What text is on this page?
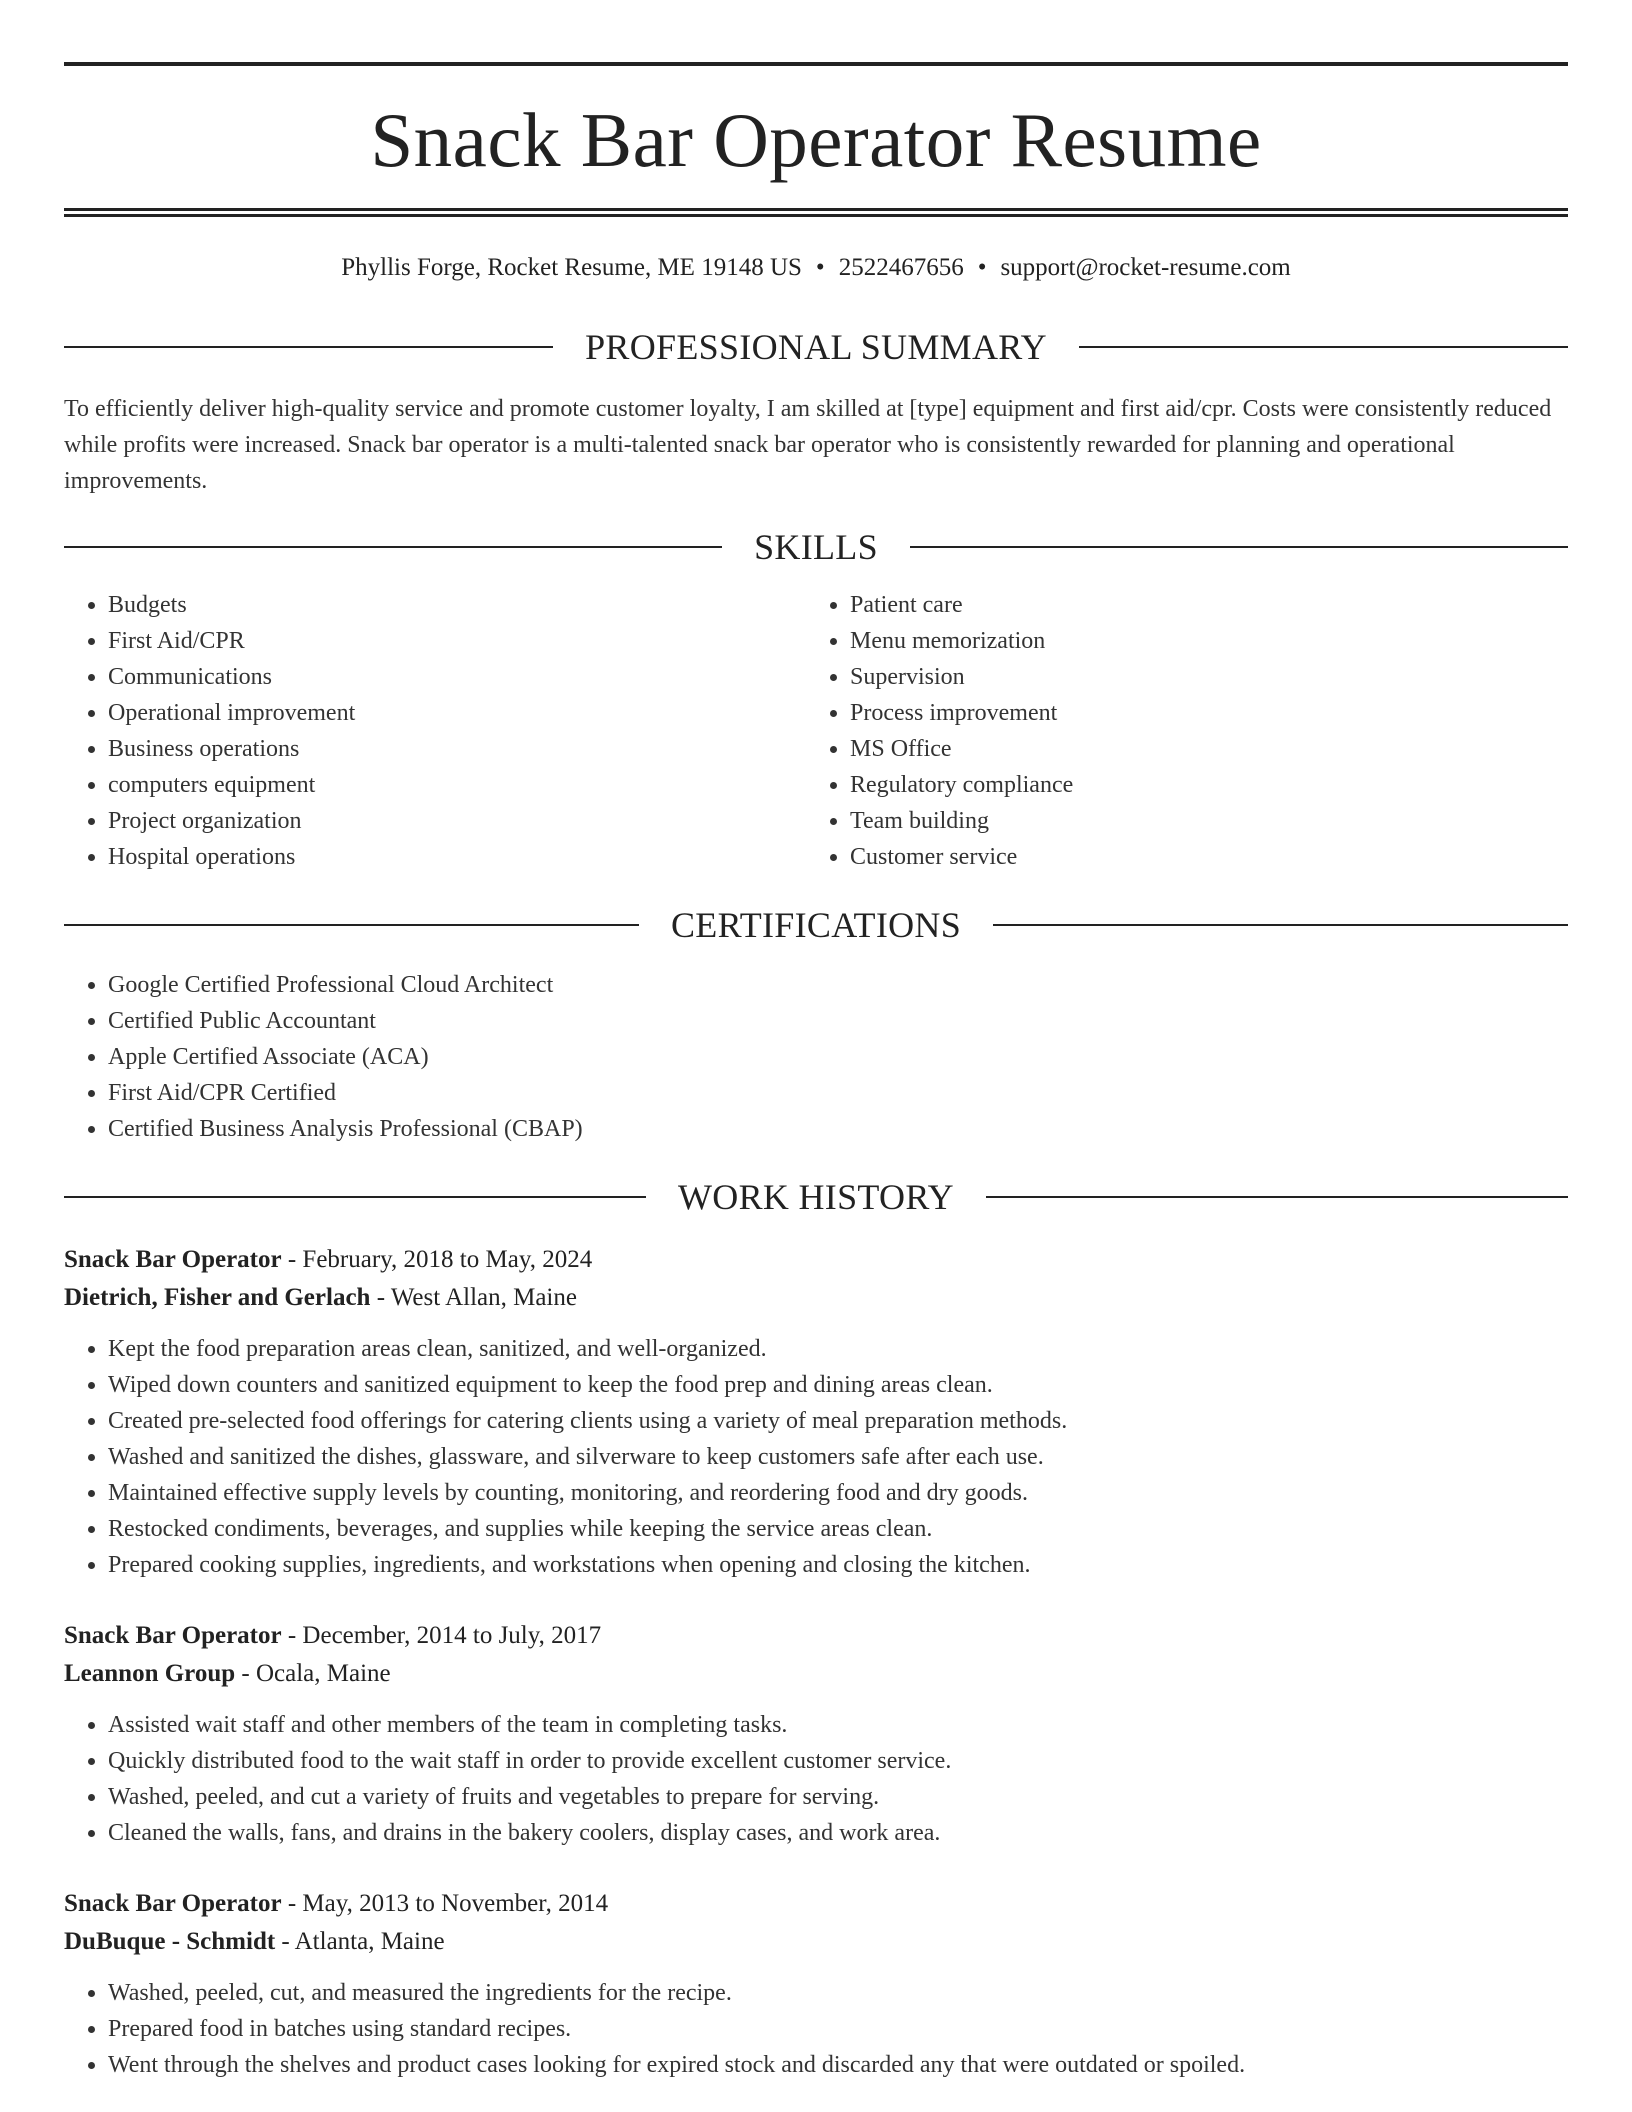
Snack Bar Operator Resume
Phyllis Forge, Rocket Resume, ME 19148 US • 2522467656 • support@rocket-resume.com
PROFESSIONAL SUMMARY

To efficiently deliver high-quality service and promote customer loyalty, I am skilled at [type] equipment and first aid/cpr. Costs were consistently reduced while profits were increased. Snack bar operator is a multi-talented snack bar operator who is consistently rewarded for planning and operational improvements.

SKILLS
• Budgets
• First Aid/CPR
• Communications
• Operational improvement
• Business operations
• computers equipment
• Project organization
• Hospital operations
• Patient care
• Menu memorization
• Supervision
• Process improvement
• MS Office
• Regulatory compliance
• Team building
• Customer service
CERTIFICATIONS
• Google Certified Professional Cloud Architect
• Certified Public Accountant
• Apple Certified Associate (ACA)
• First Aid/CPR Certified
• Certified Business Analysis Professional (CBAP)
WORK HISTORY
Snack Bar Operator - February, 2018 to May, 2024
Dietrich, Fisher and Gerlach - West Allan, Maine
• Kept the food preparation areas clean, sanitized, and well-organized.
• Wiped down counters and sanitized equipment to keep the food prep and dining areas clean.
• Created pre-selected food offerings for catering clients using a variety of meal preparation methods.
• Washed and sanitized the dishes, glassware, and silverware to keep customers safe after each use.
• Maintained effective supply levels by counting, monitoring, and reordering food and dry goods.
• Restocked condiments, beverages, and supplies while keeping the service areas clean.
• Prepared cooking supplies, ingredients, and workstations when opening and closing the kitchen.
Snack Bar Operator - December, 2014 to July, 2017
Leannon Group - Ocala, Maine
• Assisted wait staff and other members of the team in completing tasks.
• Quickly distributed food to the wait staff in order to provide excellent customer service.
• Washed, peeled, and cut a variety of fruits and vegetables to prepare for serving.
• Cleaned the walls, fans, and drains in the bakery coolers, display cases, and work area.
Snack Bar Operator - May, 2013 to November, 2014
DuBuque - Schmidt - Atlanta, Maine
• Washed, peeled, cut, and measured the ingredients for the recipe.
• Prepared food in batches using standard recipes.
• Went through the shelves and product cases looking for expired stock and discarded any that were outdated or spoiled.
